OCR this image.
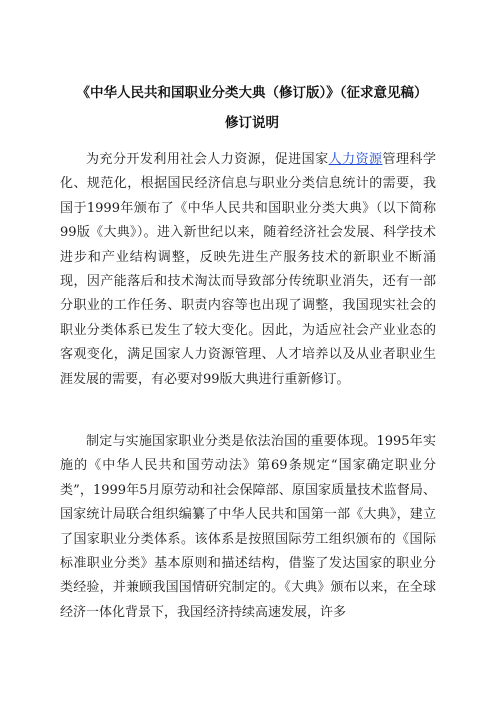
《中华人民共和国职业分类大典（修订版）》（征求意见稿）修订说明

为充分开发利用社会人力资源，促进国家人力资源管理科学化、规范化，根据国民经济信息与职业分类信息统计的需要，我国于1999年颁布了《中华人民共和国职业分类大典》（以下简称99版《大典》）。进入新世纪以来，随着经济社会发展、科学技术进步和产业结构调整，反映先进生产服务技术的新职业不断涌现，因产能落后和技术淘汰而导致部分传统职业消失，还有一部分职业的工作任务、职责内容等也出现了调整，我国现实社会的职业分类体系已发生了较大变化。因此，为适应社会产业业态的客观变化，满足国家人力资源管理、人才培养以及从业者职业生涯发展的需要，有必要对99版大典进行重新修订。

制定与实施国家职业分类是依法治国的重要体现。1995年实施的《中华人民共和国劳动法》第69条规定“国家确定职业分类”，1999年5月原劳动和社会保障部、原国家质量技术监督局、国家统计局联合组织编纂了中华人民共和国第一部《大典》，建立了国家职业分类体系。该体系是按照国际劳工组织颁布的《国际标准职业分类》基本原则和描述结构，借鉴了发达国家的职业分类经验，并兼顾我国国情研究制定的。《大典》颁布以来，在全球经济一体化背景下，我国经济持续高速发展，许多
